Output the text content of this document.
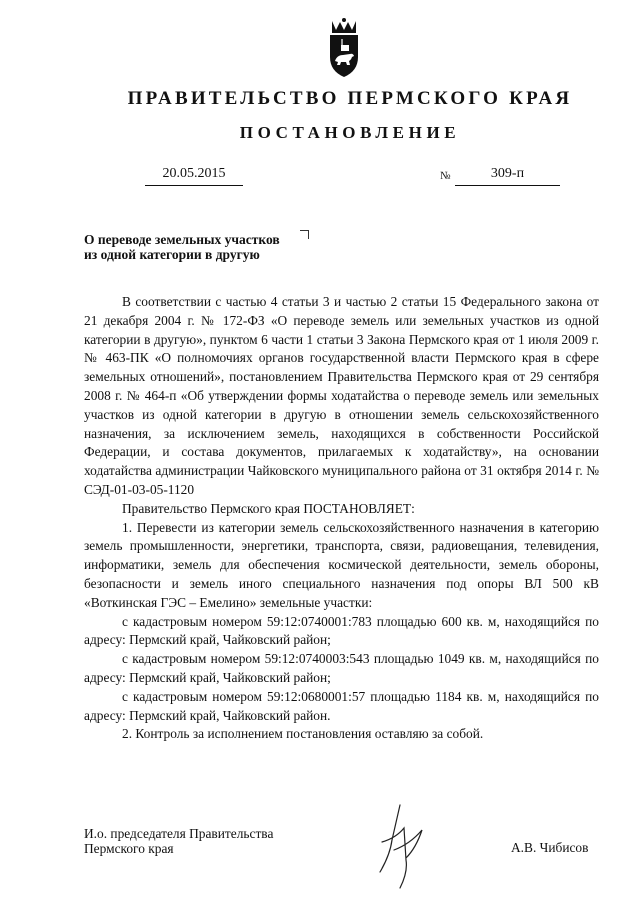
ПРАВИТЕЛЬСТВО ПЕРМСКОГО КРАЯ
ПОСТАНОВЛЕНИЕ
20.05.2015	№	309-п
О переводе земельных участков
из одной категории в другую

В соответствии с частью 4 статьи 3 и частью 2 статьи 15 Федерального закона от 21 декабря 2004 г. № 172-ФЗ «О переводе земель или земельных участков из одной категории в другую», пунктом 6 части 1 статьи 3 Закона Пермского края от 1 июля 2009 г. № 463-ПК «О полномочиях органов государственной власти Пермского края в сфере земельных отношений», постановлением Правительства Пермского края от 29 сентября 2008 г. № 464-п «Об утверждении формы ходатайства о переводе земель или земельных участков из одной категории в другую в отношении земель сельскохозяйственного назначения, за исключением земель, находящихся в собственности Российской Федерации, и состава документов, прилагаемых к ходатайству», на основании ходатайства администрации Чайковского муниципального района от 31 октября 2014 г. № СЭД-01-03-05-1120

Правительство Пермского края ПОСТАНОВЛЯЕТ:

1. Перевести из категории земель сельскохозяйственного назначения в категорию земель промышленности, энергетики, транспорта, связи, радиовещания, телевидения, информатики, земель для обеспечения космической деятельности, земель обороны, безопасности и земель иного специального назначения под опоры ВЛ 500 кВ «Воткинская ГЭС – Емелино» земельные участки:

с кадастровым номером 59:12:0740001:783 площадью 600 кв. м, находящийся по адресу: Пермский край, Чайковский район;

с кадастровым номером 59:12:0740003:543 площадью 1049 кв. м, находящийся по адресу: Пермский край, Чайковский район;

с кадастровым номером 59:12:0680001:57 площадью 1184 кв. м, находящийся по адресу: Пермский край, Чайковский район.

2. Контроль за исполнением постановления оставляю за собой.

И.о. председателя Правительства
Пермского края	А.В. Чибисов
